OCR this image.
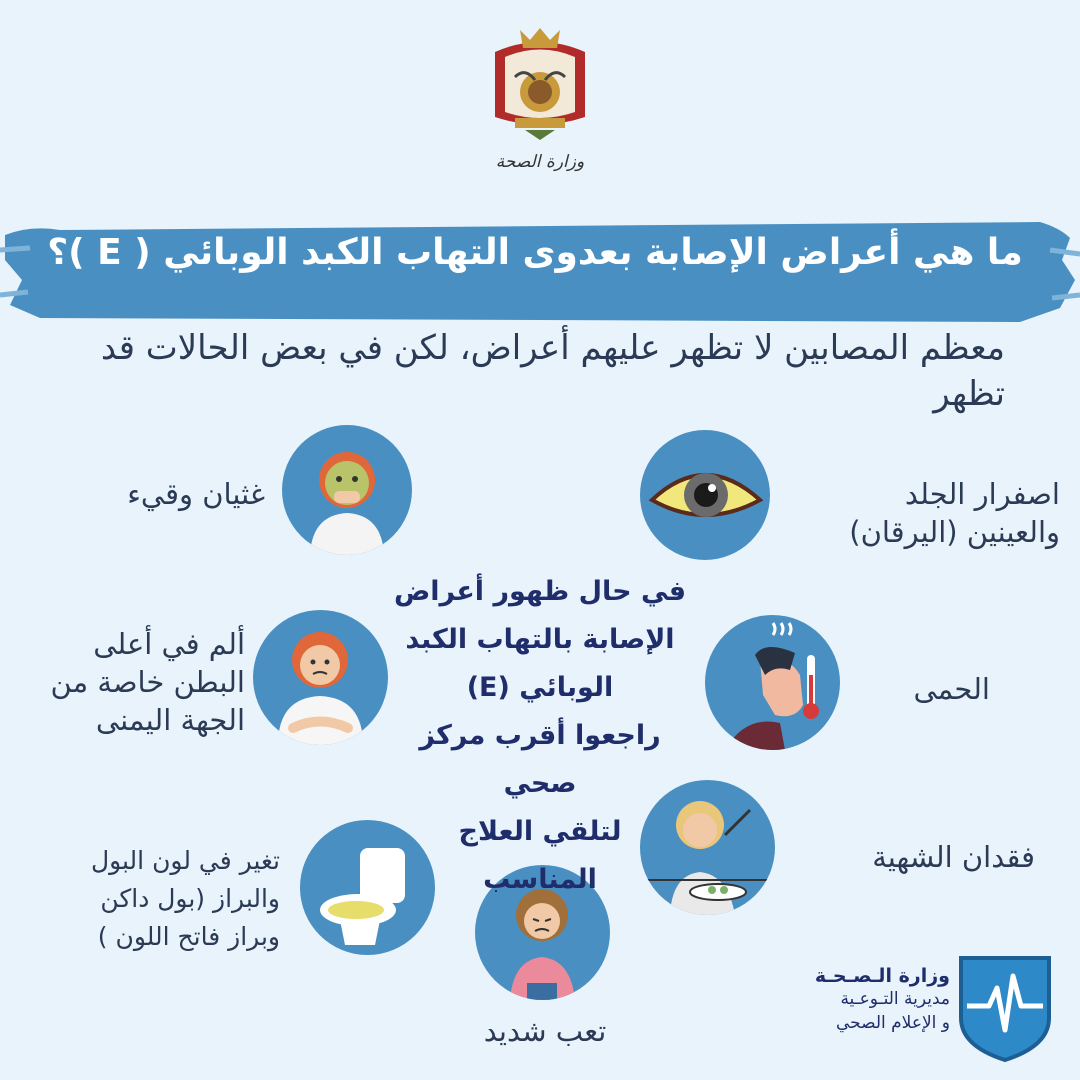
وزارة الصحة
ما هي أعراض الإصابة بعدوى التهاب الكبد الوبائي ( E )؟
معظم المصابين لا تظهر عليهم أعراض، لكن في بعض الحالات قد تظهر
اصفرار الجلد
والعينين (اليرقان)
غثيان وقيء
الحمى
ألم في أعلى
البطن خاصة من
الجهة اليمنى
فقدان الشهية
تغير في لون البول
والبراز (بول داكن
وبراز فاتح اللون )
تعب شديد
في حال ظهور أعراض
الإصابة بالتهاب الكبد
الوبائي (E)
راجعوا أقرب مركز صحي
لتلقي العلاج
المناسب
وزارة الـصـحـة
مديرية التـوعـية
و الإعلام الصحي
